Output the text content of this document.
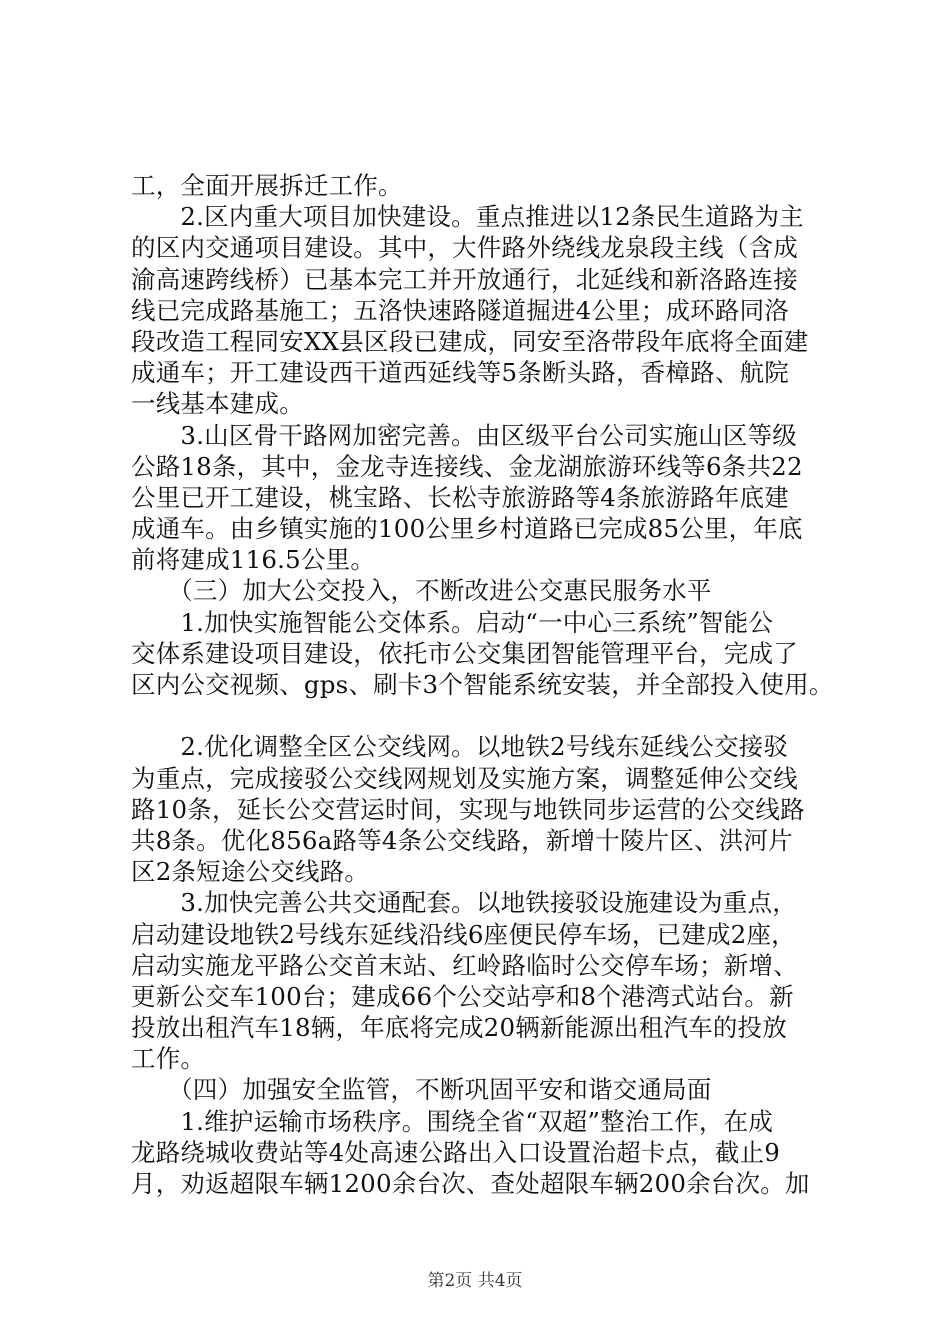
工，全面开展拆迁工作。
　　2.区内重大项目加快建设。重点推进以12条民生道路为主
的区内交通项目建设。其中，大件路外绕线龙泉段主线（含成
渝高速跨线桥）已基本完工并开放通行，北延线和新洛路连接
线已完成路基施工；五洛快速路隧道掘进4公里；成环路同洛
段改造工程同安XX县区段已建成，同安至洛带段年底将全面建
成通车；开工建设西干道西延线等5条断头路，香樟路、航院
一线基本建成。
　　3.山区骨干路网加密完善。由区级平台公司实施山区等级
公路18条，其中，金龙寺连接线、金龙湖旅游环线等6条共22
公里已开工建设，桃宝路、长松寺旅游路等4条旅游路年底建
成通车。由乡镇实施的100公里乡村道路已完成85公里，年底
前将建成116.5公里。
　　（三）加大公交投入，不断改进公交惠民服务水平
　　1.加快实施智能公交体系。启动“一中心三系统”智能公
交体系建设项目建设，依托市公交集团智能管理平台，完成了
区内公交视频、gps、刷卡3个智能系统安装，并全部投入使用。
　　2.优化调整全区公交线网。以地铁2号线东延线公交接驳
为重点，完成接驳公交线网规划及实施方案，调整延伸公交线
路10条，延长公交营运时间，实现与地铁同步运营的公交线路
共8条。优化856a路等4条公交线路，新增十陵片区、洪河片
区2条短途公交线路。
　　3.加快完善公共交通配套。以地铁接驳设施建设为重点，
启动建设地铁2号线东延线沿线6座便民停车场，已建成2座，
启动实施龙平路公交首末站、红岭路临时公交停车场；新增、
更新公交车100台；建成66个公交站亭和8个港湾式站台。新
投放出租汽车18辆，年底将完成20辆新能源出租汽车的投放
工作。
　　（四）加强安全监管，不断巩固平安和谐交通局面
　　1.维护运输市场秩序。围绕全省“双超”整治工作，在成
龙路绕城收费站等4处高速公路出入口设置治超卡点，截止9
月，劝返超限车辆1200余台次、查处超限车辆200余台次。加
第2页 共4页
